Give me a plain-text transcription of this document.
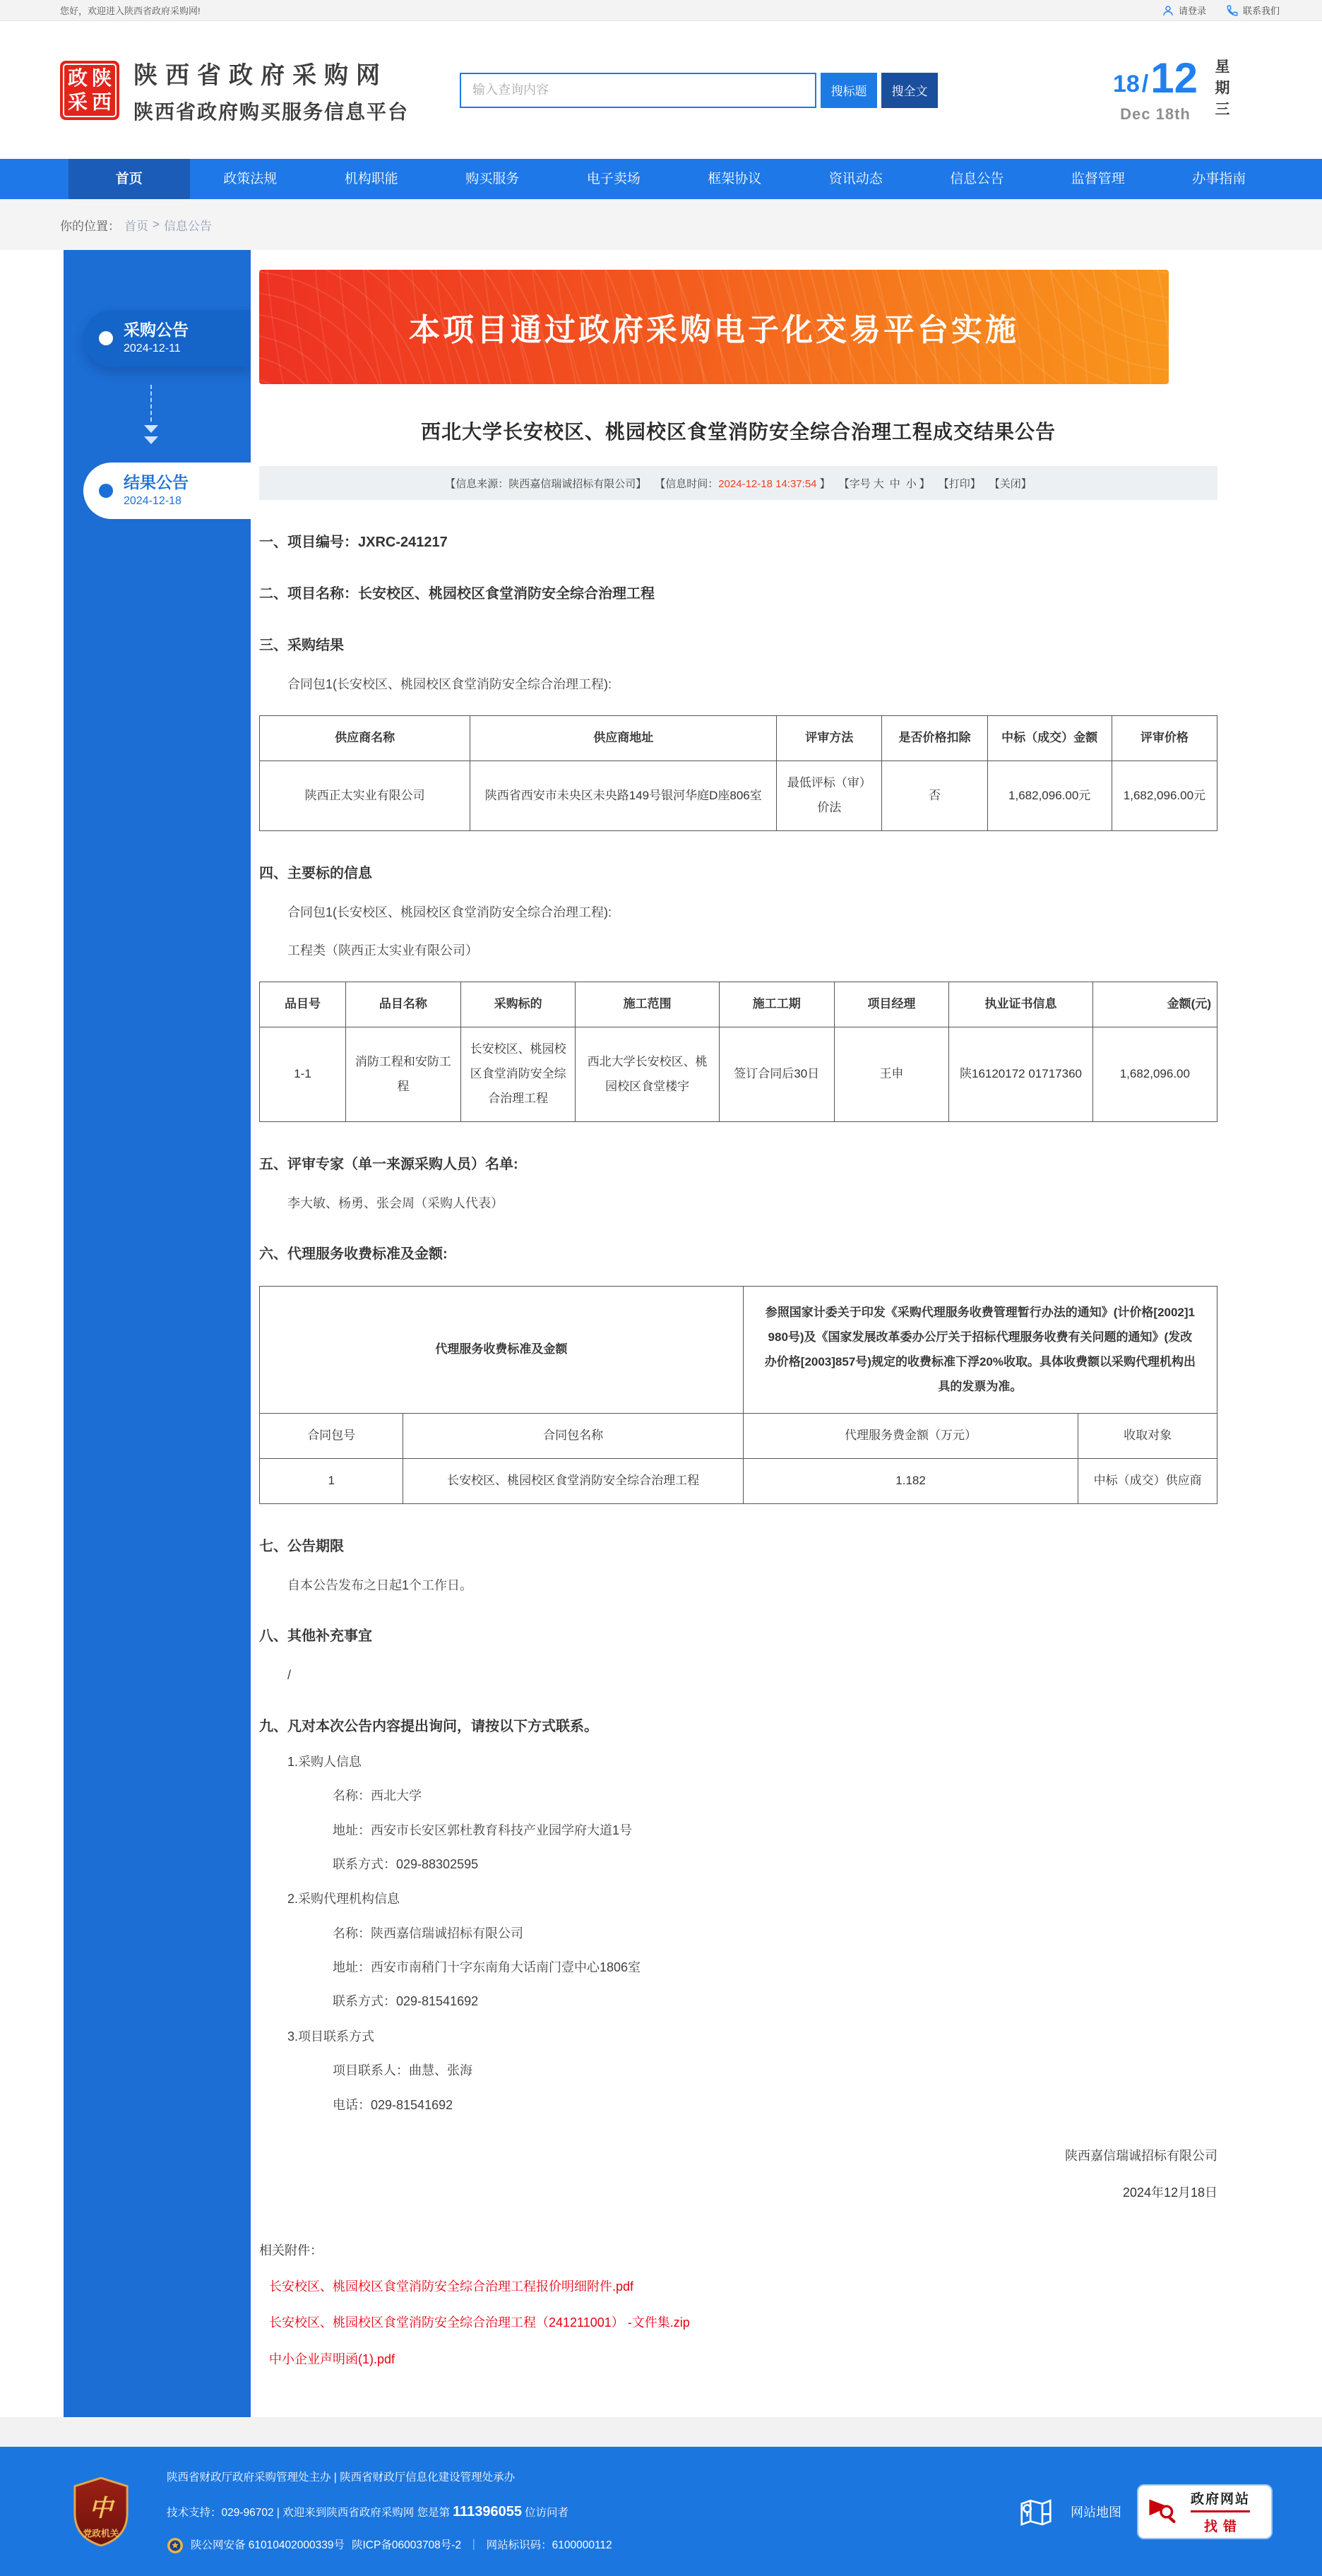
您好，欢迎进入陕西省政府采购网!	请登录	联系我们
政 陕
采 西
陕西省政府采购网
陕西省政府购买服务信息平台
输入查询内容
搜标题	搜全文	18 / 12
Dec 18th	星期三
首页	政策法规	机构职能	购买服务	电子卖场	框架协议	资讯动态	信息公告	监督管理	办事指南
你的位置： 首页 > 信息公告
采购公告
2024-12-11
结果公告
2024-12-18
本项目通过政府采购电子化交易平台实施
西北大学长安校区、桃园校区食堂消防安全综合治理工程成交结果公告
【信息来源：陕西嘉信瑞诚招标有限公司】 【信息时间：2024-12-18 14:37:54 】 【字号 大 中 小 】 【打印】 【关闭】
一、项目编号：JXRC-241217
二、项目名称：长安校区、桃园校区食堂消防安全综合治理工程
三、采购结果

合同包1(长安校区、桃园校区食堂消防安全综合治理工程):

供应商名称	供应商地址	评审方法	是否价格扣除	中标（成交）金额	评审价格
陕西正太实业有限公司	陕西省西安市未央区未央路149号银河华庭D座806室	最低评标（审）价法	否	1,682,096.00元	1,682,096.00元
四、主要标的信息

合同包1(长安校区、桃园校区食堂消防安全综合治理工程):

工程类（陕西正太实业有限公司）

品目号	品目名称	采购标的	施工范围	施工工期	项目经理	执业证书信息	金额(元)
1-1	消防工程和安防工程	长安校区、桃园校区食堂消防安全综合治理工程	西北大学长安校区、桃园校区食堂楼宇	签订合同后30日	王申	陕16120172 01717360	1,682,096.00
五、评审专家（单一来源采购人员）名单:

李大敏、杨勇、张会周（采购人代表）

六、代理服务收费标准及金额:
代理服务收费标准及金额		参照国家计委关于印发《采购代理服务收费管理暂行办法的通知》(计价格[2002]1980号)及《国家发展改革委办公厅关于招标代理服务收费有关问题的通知》(发改办价格[2003]857号)规定的收费标准下浮20%收取。具体收费额以采购代理机构出具的发票为准。	
合同包号	合同包名称	代理服务费金额（万元）	收取对象
1	长安校区、桃园校区食堂消防安全综合治理工程	1.182	中标（成交）供应商
七、公告期限

自本公告发布之日起1个工作日。

八、其他补充事宜

/

九、凡对本次公告内容提出询问，请按以下方式联系。

1.采购人信息

名称：西北大学

地址：西安市长安区郭杜教育科技产业园学府大道1号

联系方式：029-88302595

2.采购代理机构信息

名称：陕西嘉信瑞诚招标有限公司

地址：西安市南稍门十字东南角大话南门壹中心1806室

联系方式：029-81541692

3.项目联系方式

项目联系人：曲慧、张海

电话：029-81541692

陕西嘉信瑞诚招标有限公司

2024年12月18日

相关附件：

长安校区、桃园校区食堂消防安全综合治理工程报价明细附件.pdf
长安校区、桃园校区食堂消防安全综合治理工程（241211001） -文件集.zip
中小企业声明函(1).pdf
中
党政机关
陕西省财政厅政府采购管理处主办 | 陕西省财政厅信息化建设管理处承办
技术支持：029-96702 | 欢迎来到陕西省政府采购网 您是第 111396055 位访问者
陕公网安备 61010402000339号 陕ICP备06003708号-2 ｜ 网站标识码：6100000112
网站地图
政府网站
找错
